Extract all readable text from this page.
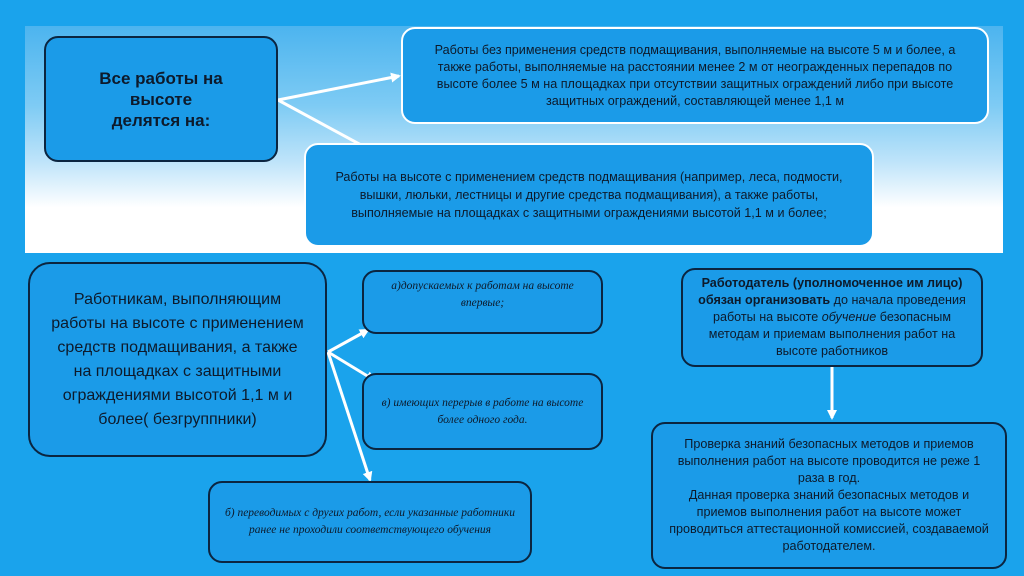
Все работы на
высоте
делятся на:
Работы без применения средств подмащивания, выполняемые на высоте 5 м и более, а также работы, выполняемые на расстоянии менее 2 м от неогражденных перепадов по высоте более 5 м на площадках при отсутствии защитных ограждений либо при высоте защитных ограждений, составляющей менее 1,1 м
Работы на высоте с применением средств подмащивания (например, леса, подмости, вышки, люльки, лестницы и другие средства подмащивания), а также работы, выполняемые на площадках с защитными ограждениями высотой 1,1 м и более;
Работникам, выполняющим работы на высоте с применением средств подмащивания, а также на площадках с защитными ограждениями высотой 1,1 м и более( безгруппники)
а)допускаемых к работам на высоте впервые;
в) имеющих перерыв в работе на высоте более одного года.
б) переводимых с других работ, если указанные работники ранее не проходили соответствующего обучения
Работодатель (уполномоченное им лицо) обязан организовать до начала проведения работы на высоте обучение безопасным методам и приемам выполнения работ на высоте работников
Проверка знаний безопасных методов и приемов выполнения работ на высоте проводится не реже 1 раза в год.
Данная проверка знаний безопасных методов и приемов выполнения работ на высоте может проводиться аттестационной комиссией, создаваемой работодателем.
